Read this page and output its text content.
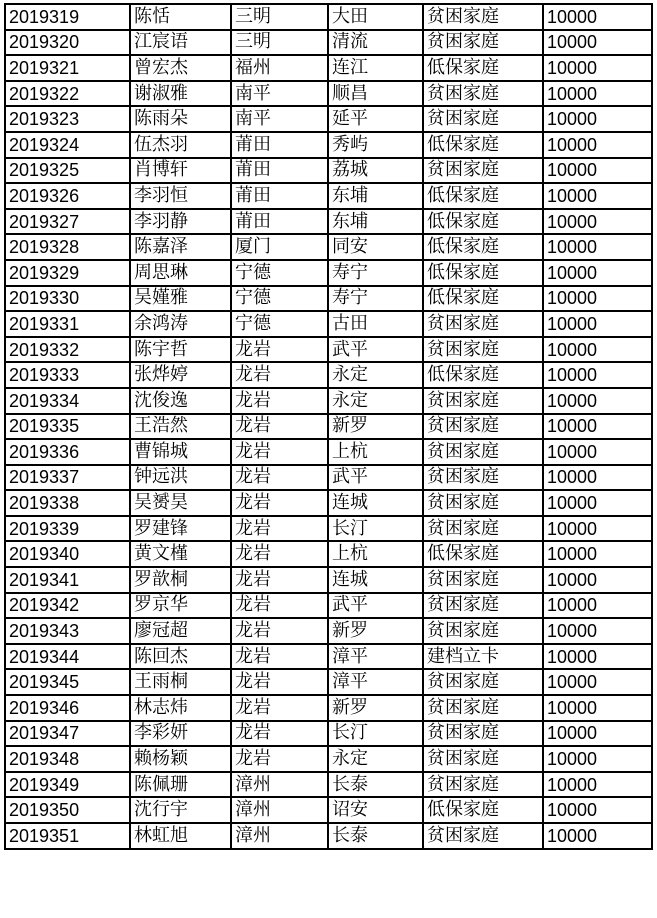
2019319	陈恬	三明	大田	贫困家庭	10000
2019320	江宸语	三明	清流	贫困家庭	10000
2019321	曾宏杰	福州	连江	低保家庭	10000
2019322	谢淑雅	南平	顺昌	贫困家庭	10000
2019323	陈雨朵	南平	延平	贫困家庭	10000
2019324	伍杰羽	莆田	秀屿	低保家庭	10000
2019325	肖博轩	莆田	荔城	贫困家庭	10000
2019326	李羽恒	莆田	东埔	低保家庭	10000
2019327	李羽静	莆田	东埔	低保家庭	10000
2019328	陈嘉泽	厦门	同安	低保家庭	10000
2019329	周思琳	宁德	寿宁	低保家庭	10000
2019330	吴嫤雅	宁德	寿宁	低保家庭	10000
2019331	余鸿涛	宁德	古田	贫困家庭	10000
2019332	陈宇哲	龙岩	武平	贫困家庭	10000
2019333	张烨婷	龙岩	永定	低保家庭	10000
2019334	沈俊逸	龙岩	永定	贫困家庭	10000
2019335	王浩然	龙岩	新罗	贫困家庭	10000
2019336	曹锦城	龙岩	上杭	贫困家庭	10000
2019337	钟远洪	龙岩	武平	贫困家庭	10000
2019338	吴赟昊	龙岩	连城	贫困家庭	10000
2019339	罗建锋	龙岩	长汀	贫困家庭	10000
2019340	黄文槿	龙岩	上杭	低保家庭	10000
2019341	罗歆桐	龙岩	连城	贫困家庭	10000
2019342	罗京华	龙岩	武平	贫困家庭	10000
2019343	廖冠超	龙岩	新罗	贫困家庭	10000
2019344	陈回杰	龙岩	漳平	建档立卡	10000
2019345	王雨桐	龙岩	漳平	贫困家庭	10000
2019346	林志炜	龙岩	新罗	贫困家庭	10000
2019347	李彩妍	龙岩	长汀	贫困家庭	10000
2019348	赖杨颖	龙岩	永定	贫困家庭	10000
2019349	陈佩珊	漳州	长泰	贫困家庭	10000
2019350	沈行宇	漳州	诏安	低保家庭	10000
2019351	林虹旭	漳州	长泰	贫困家庭	10000
